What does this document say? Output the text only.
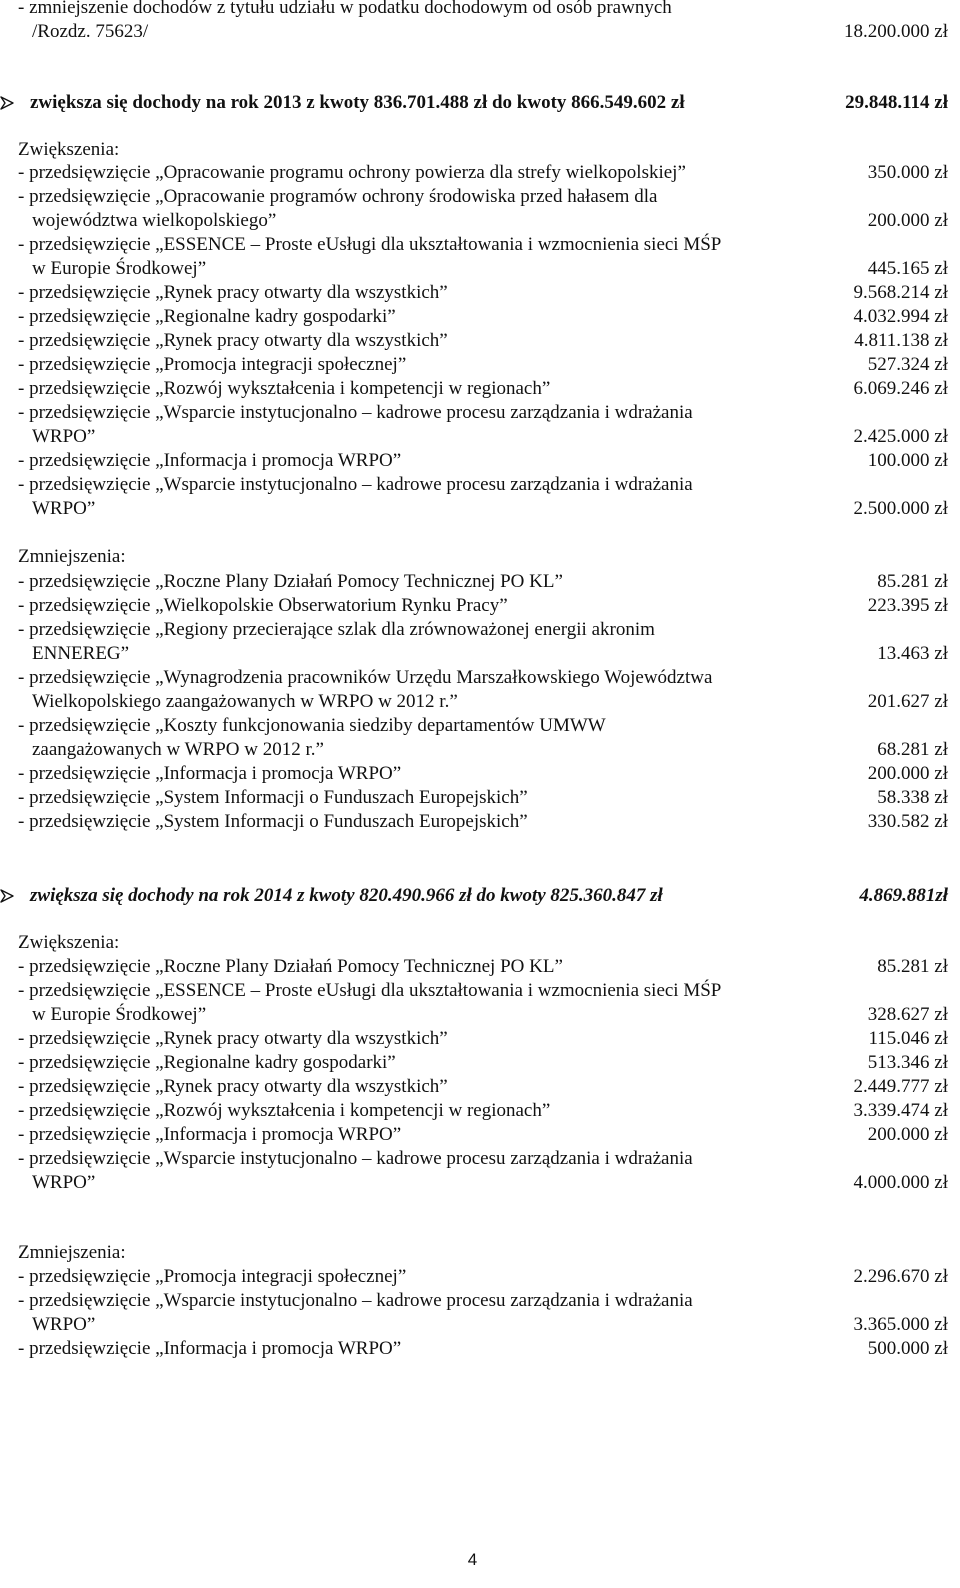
- zmniejszenie dochodów z tytułu udziału w podatku dochodowym od osób prawnych
/Rozdz. 75623/	18.200.000 zł
zwiększa się dochody na rok 2013 z kwoty 836.701.488 zł do kwoty 866.549.602 zł	29.848.114 zł
Zwiększenia:
- przedsięwzięcie „Opracowanie programu ochrony powierza dla strefy wielkopolskiej”	350.000 zł
- przedsięwzięcie „Opracowanie programów ochrony środowiska przed hałasem dla
województwa wielkopolskiego”	200.000 zł
- przedsięwzięcie „ESSENCE – Proste eUsługi dla ukształtowania i wzmocnienia sieci MŚP
w Europie Środkowej”	445.165 zł
- przedsięwzięcie „Rynek pracy otwarty dla wszystkich”	9.568.214 zł
- przedsięwzięcie „Regionalne kadry gospodarki”	4.032.994 zł
- przedsięwzięcie „Rynek pracy otwarty dla wszystkich”	4.811.138 zł
- przedsięwzięcie „Promocja integracji społecznej”	527.324 zł
- przedsięwzięcie „Rozwój wykształcenia i kompetencji w regionach”	6.069.246 zł
- przedsięwzięcie „Wsparcie instytucjonalno – kadrowe procesu zarządzania i wdrażania
WRPO”	2.425.000 zł
- przedsięwzięcie „Informacja i promocja WRPO”	100.000 zł
- przedsięwzięcie „Wsparcie instytucjonalno – kadrowe procesu zarządzania i wdrażania
WRPO”	2.500.000 zł
Zmniejszenia:
- przedsięwzięcie „Roczne Plany Działań Pomocy Technicznej PO KL”	85.281 zł
- przedsięwzięcie „Wielkopolskie Obserwatorium Rynku Pracy”	223.395 zł
- przedsięwzięcie „Regiony przecierające szlak dla zrównoważonej energii akronim
ENNEREG”	13.463 zł
- przedsięwzięcie „Wynagrodzenia pracowników Urzędu Marszałkowskiego Województwa
Wielkopolskiego zaangażowanych w WRPO w 2012 r.”	201.627 zł
- przedsięwzięcie „Koszty funkcjonowania siedziby departamentów UMWW
zaangażowanych w WRPO w 2012 r.”	68.281 zł
- przedsięwzięcie „Informacja i promocja WRPO”	200.000 zł
- przedsięwzięcie „System Informacji o Funduszach Europejskich”	58.338 zł
- przedsięwzięcie „System Informacji o Funduszach Europejskich”	330.582 zł
zwiększa się dochody na rok 2014 z kwoty 820.490.966 zł do kwoty 825.360.847 zł	4.869.881zł
Zwiększenia:
- przedsięwzięcie „Roczne Plany Działań Pomocy Technicznej PO KL”	85.281 zł
- przedsięwzięcie „ESSENCE – Proste eUsługi dla ukształtowania i wzmocnienia sieci MŚP
w Europie Środkowej”	328.627 zł
- przedsięwzięcie „Rynek pracy otwarty dla wszystkich”	115.046 zł
- przedsięwzięcie „Regionalne kadry gospodarki”	513.346 zł
- przedsięwzięcie „Rynek pracy otwarty dla wszystkich”	2.449.777 zł
- przedsięwzięcie „Rozwój wykształcenia i kompetencji w regionach”	3.339.474 zł
- przedsięwzięcie „Informacja i promocja WRPO”	200.000 zł
- przedsięwzięcie „Wsparcie instytucjonalno – kadrowe procesu zarządzania i wdrażania
WRPO”	4.000.000 zł
Zmniejszenia:
- przedsięwzięcie „Promocja integracji społecznej”	2.296.670 zł
- przedsięwzięcie „Wsparcie instytucjonalno – kadrowe procesu zarządzania i wdrażania
WRPO”	3.365.000 zł
- przedsięwzięcie „Informacja i promocja WRPO”	500.000 zł
4
